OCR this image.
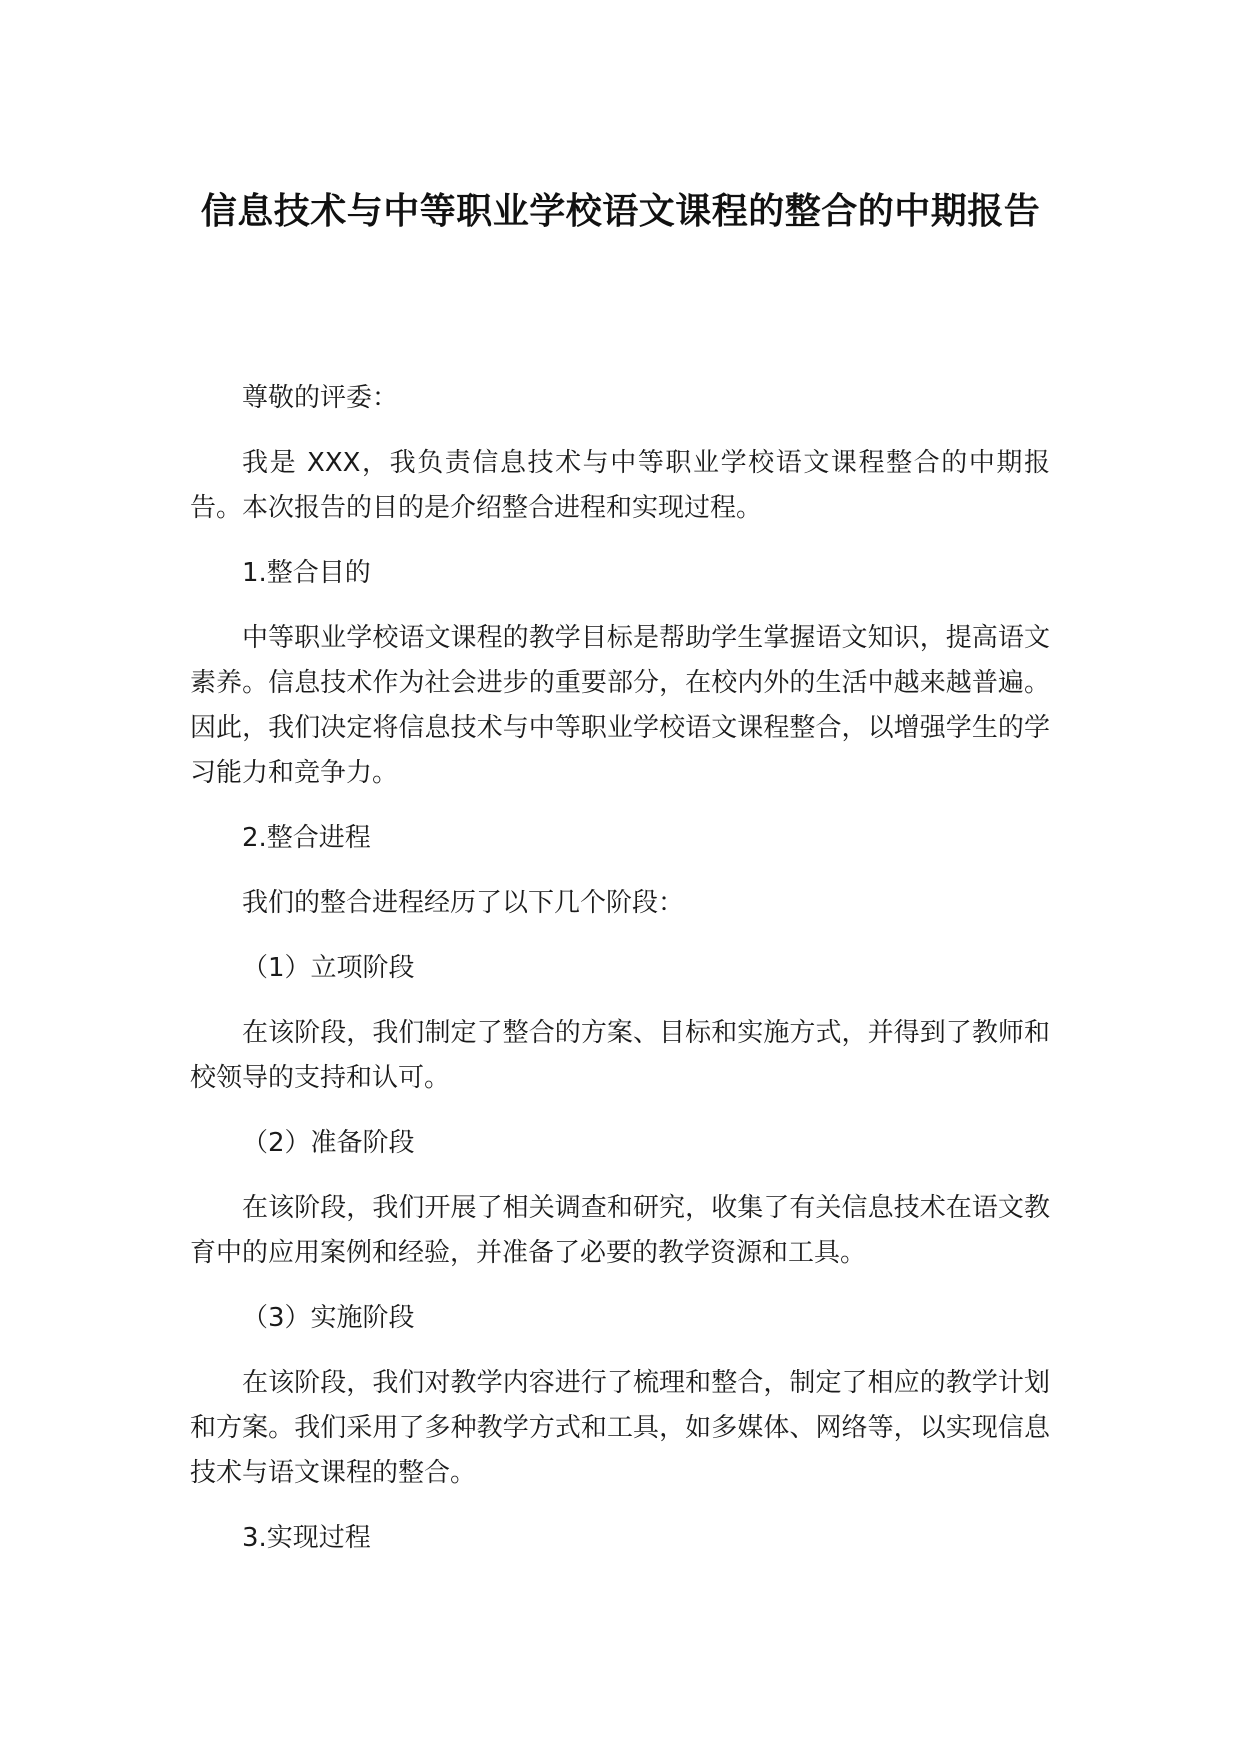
信息技术与中等职业学校语文课程的整合的中期报告

尊敬的评委：

我是 XXX，我负责信息技术与中等职业学校语文课程整合的中期报告。本次报告的目的是介绍整合进程和实现过程。

1.整合目的

中等职业学校语文课程的教学目标是帮助学生掌握语文知识，提高语文素养。信息技术作为社会进步的重要部分，在校内外的生活中越来越普遍。因此，我们决定将信息技术与中等职业学校语文课程整合，以增强学生的学习能力和竞争力。

2.整合进程

我们的整合进程经历了以下几个阶段：

（1）立项阶段

在该阶段，我们制定了整合的方案、目标和实施方式，并得到了教师和校领导的支持和认可。

（2）准备阶段

在该阶段，我们开展了相关调查和研究，收集了有关信息技术在语文教育中的应用案例和经验，并准备了必要的教学资源和工具。

（3）实施阶段

在该阶段，我们对教学内容进行了梳理和整合，制定了相应的教学计划和方案。我们采用了多种教学方式和工具，如多媒体、网络等，以实现信息技术与语文课程的整合。

3.实现过程
